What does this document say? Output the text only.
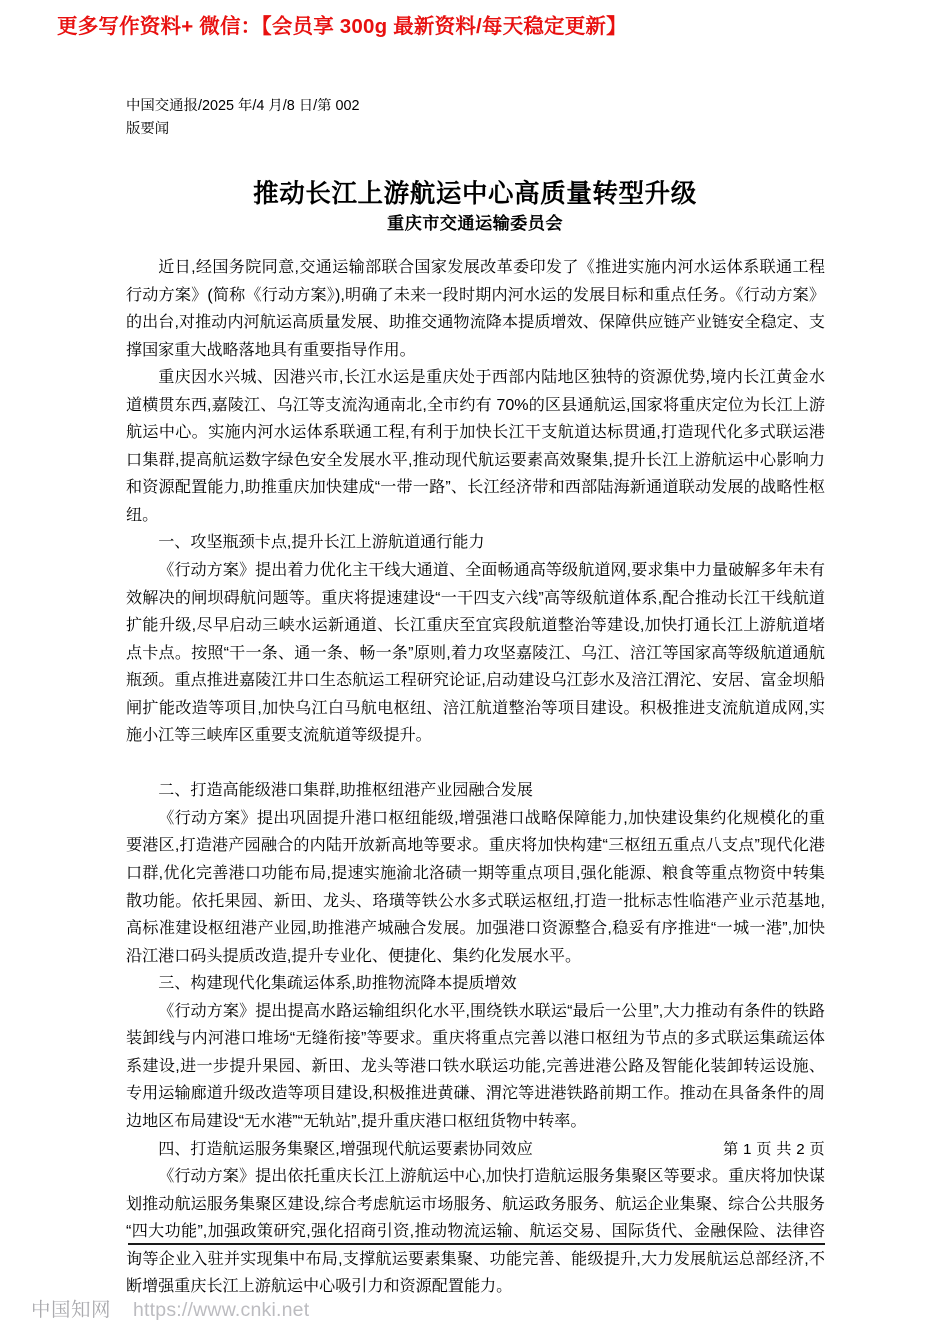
更多写作资料+ 微信：【会员享 300g 最新资料/每天稳定更新】
中国交通报/2025 年/4 月/8 日/第 002
版要闻
推动长江上游航运中心高质量转型升级
重庆市交通运输委员会

近日,经国务院同意,交通运输部联合国家发展改革委印发了《推进实施内河水运体系联通工程行动方案》(简称《行动方案》),明确了未来一段时期内河水运的发展目标和重点任务。《行动方案》的出台,对推动内河航运高质量发展、助推交通物流降本提质增效、保障供应链产业链安全稳定、支撑国家重大战略落地具有重要指导作用。

重庆因水兴城、因港兴市,长江水运是重庆处于西部内陆地区独特的资源优势,境内长江黄金水道横贯东西,嘉陵江、乌江等支流沟通南北,全市约有 70%的区县通航运,国家将重庆定位为长江上游航运中心。实施内河水运体系联通工程,有利于加快长江干支航道达标贯通,打造现代化多式联运港口集群,提高航运数字绿色安全发展水平,推动现代航运要素高效聚集,提升长江上游航运中心影响力和资源配置能力,助推重庆加快建成“一带一路”、长江经济带和西部陆海新通道联动发展的战略性枢纽。

一、攻坚瓶颈卡点,提升长江上游航道通行能力

《行动方案》提出着力优化主干线大通道、全面畅通高等级航道网,要求集中力量破解多年未有效解决的闸坝碍航问题等。重庆将提速建设“一干四支六线”高等级航道体系,配合推动长江干线航道扩能升级,尽早启动三峡水运新通道、长江重庆至宜宾段航道整治等建设,加快打通长江上游航道堵点卡点。按照“干一条、通一条、畅一条”原则,着力攻坚嘉陵江、乌江、涪江等国家高等级航道通航瓶颈。重点推进嘉陵江井口生态航运工程研究论证,启动建设乌江彭水及涪江渭沱、安居、富金坝船闸扩能改造等项目,加快乌江白马航电枢纽、涪江航道整治等项目建设。积极推进支流航道成网,实施小江等三峡库区重要支流航道等级提升。

二、打造高能级港口集群,助推枢纽港产业园融合发展

《行动方案》提出巩固提升港口枢纽能级,增强港口战略保障能力,加快建设集约化规模化的重要港区,打造港产园融合的内陆开放新高地等要求。重庆将加快构建“三枢纽五重点八支点”现代化港口群,优化完善港口功能布局,提速实施渝北洛碛一期等重点项目,强化能源、粮食等重点物资中转集散功能。依托果园、新田、龙头、珞璜等铁公水多式联运枢纽,打造一批标志性临港产业示范基地,高标准建设枢纽港产业园,助推港产城融合发展。加强港口资源整合,稳妥有序推进“一城一港”,加快沿江港口码头提质改造,提升专业化、便捷化、集约化发展水平。

三、构建现代化集疏运体系,助推物流降本提质增效

《行动方案》提出提高水路运输组织化水平,围绕铁水联运“最后一公里”,大力推动有条件的铁路装卸线与内河港口堆场“无缝衔接”等要求。重庆将重点完善以港口枢纽为节点的多式联运集疏运体系建设,进一步提升果园、新田、龙头等港口铁水联运功能,完善进港公路及智能化装卸转运设施、专用运输廊道升级改造等项目建设,积极推进黄磏、渭沱等进港铁路前期工作。推动在具备条件的周边地区布局建设“无水港”“无轨站”,提升重庆港口枢纽货物中转率。

四、打造航运服务集聚区,增强现代航运要素协同效应

《行动方案》提出依托重庆长江上游航运中心,加快打造航运服务集聚区等要求。重庆将加快谋划推动航运服务集聚区建设,综合考虑航运市场服务、航运政务服务、航运企业集聚、综合公共服务“四大功能”,加强政策研究,强化招商引资,推动物流运输、航运交易、国际货代、金融保险、法律咨询等企业入驻并实现集中布局,支撑航运要素集聚、功能完善、能级提升,大力发展航运总部经济,不断增强重庆长江上游航运中心吸引力和资源配置能力。

第 1 页 共 2 页
中国知网 https://www.cnki.net
